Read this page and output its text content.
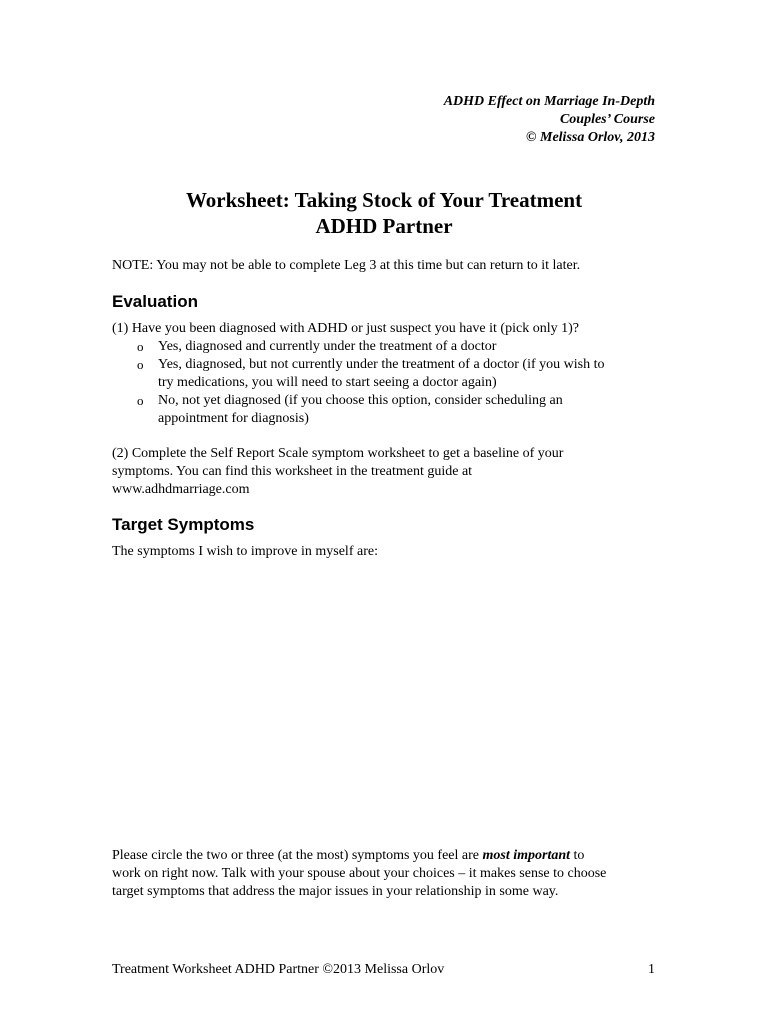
ADHD Effect on Marriage In-Depth
Couples’ Course
© Melissa Orlov, 2013
Worksheet: Taking Stock of Your Treatment
ADHD Partner
NOTE: You may not be able to complete Leg 3 at this time but can return to it later.
Evaluation
(1) Have you been diagnosed with ADHD or just suspect you have it (pick only 1)?
o Yes, diagnosed and currently under the treatment of a doctor
o Yes, diagnosed, but not currently under the treatment of a doctor (if you wish to
try medications, you will need to start seeing a doctor again)
o No, not yet diagnosed (if you choose this option, consider scheduling an
appointment for diagnosis)
(2) Complete the Self Report Scale symptom worksheet to get a baseline of your
symptoms. You can find this worksheet in the treatment guide at
www.adhdmarriage.com
Target Symptoms
The symptoms I wish to improve in myself are:
Please circle the two or three (at the most) symptoms you feel are most important to
work on right now. Talk with your spouse about your choices – it makes sense to choose
target symptoms that address the major issues in your relationship in some way.
Treatment Worksheet ADHD Partner ©2013 Melissa Orlov	1
